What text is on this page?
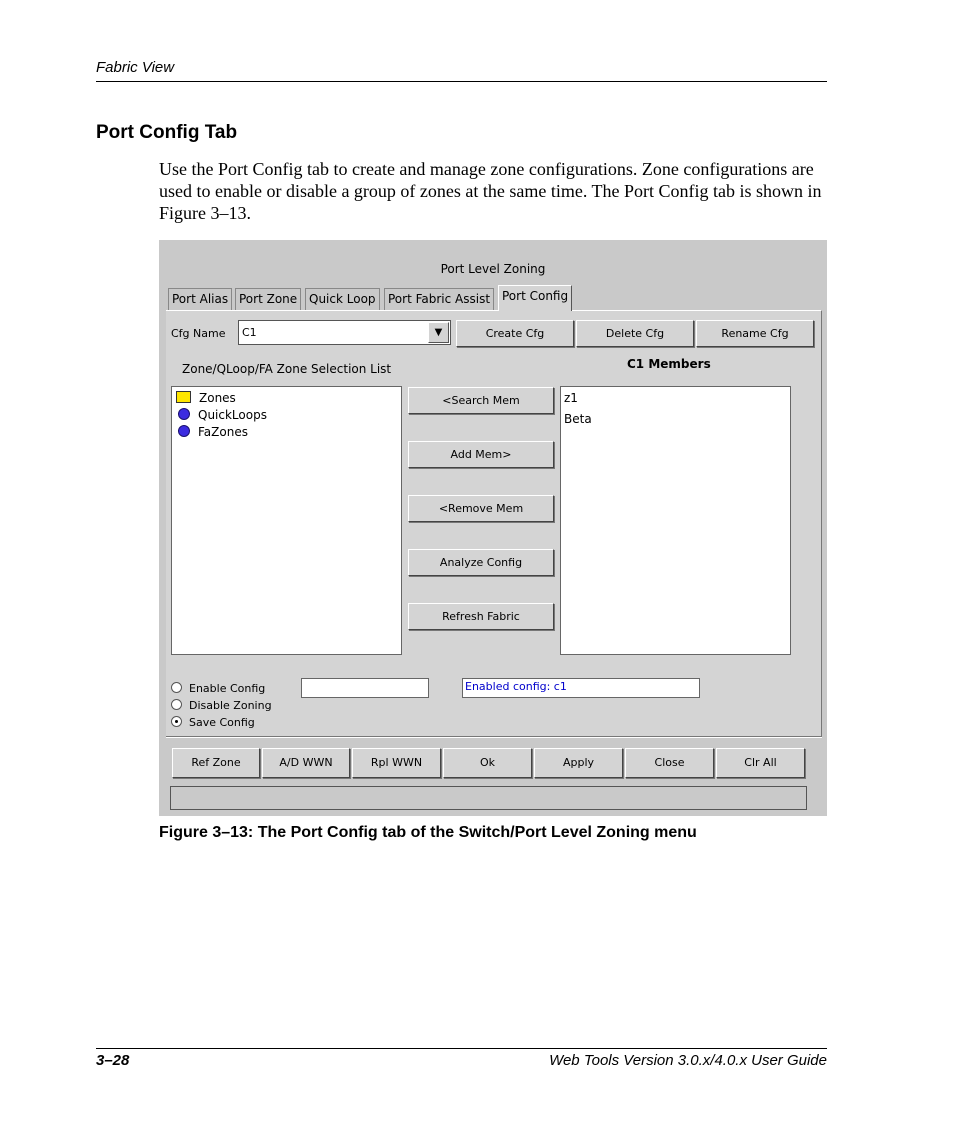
Fabric View
Port Config Tab
Use the Port Config tab to create and manage zone configurations. Zone configurations are used to enable or disable a group of zones at the same time. The Port Config tab is shown in Figure 3–13.
Port Level Zoning
Port Alias Port Zone Quick Loop	Port Fabric Assist Port Config
Cfg Name C1	▼	Create Cfg	Delete Cfg	Rename Cfg
Zone/QLoop/FA Zone Selection List	C1 Members
Zones
QuickLoops
FaZones
<Search Mem
Add Mem>
<Remove Mem
Analyze Config
Refresh Fabric
z1
Beta
Enable Config
Disable Zoning
Save Config
Enabled config: c1
Ref Zone	A/D WWN	Rpl WWN	Ok	Apply	Close	Clr All
Figure 3–13: The Port Config tab of the Switch/Port Level Zoning menu
3–28	Web Tools Version 3.0.x/4.0.x User Guide
